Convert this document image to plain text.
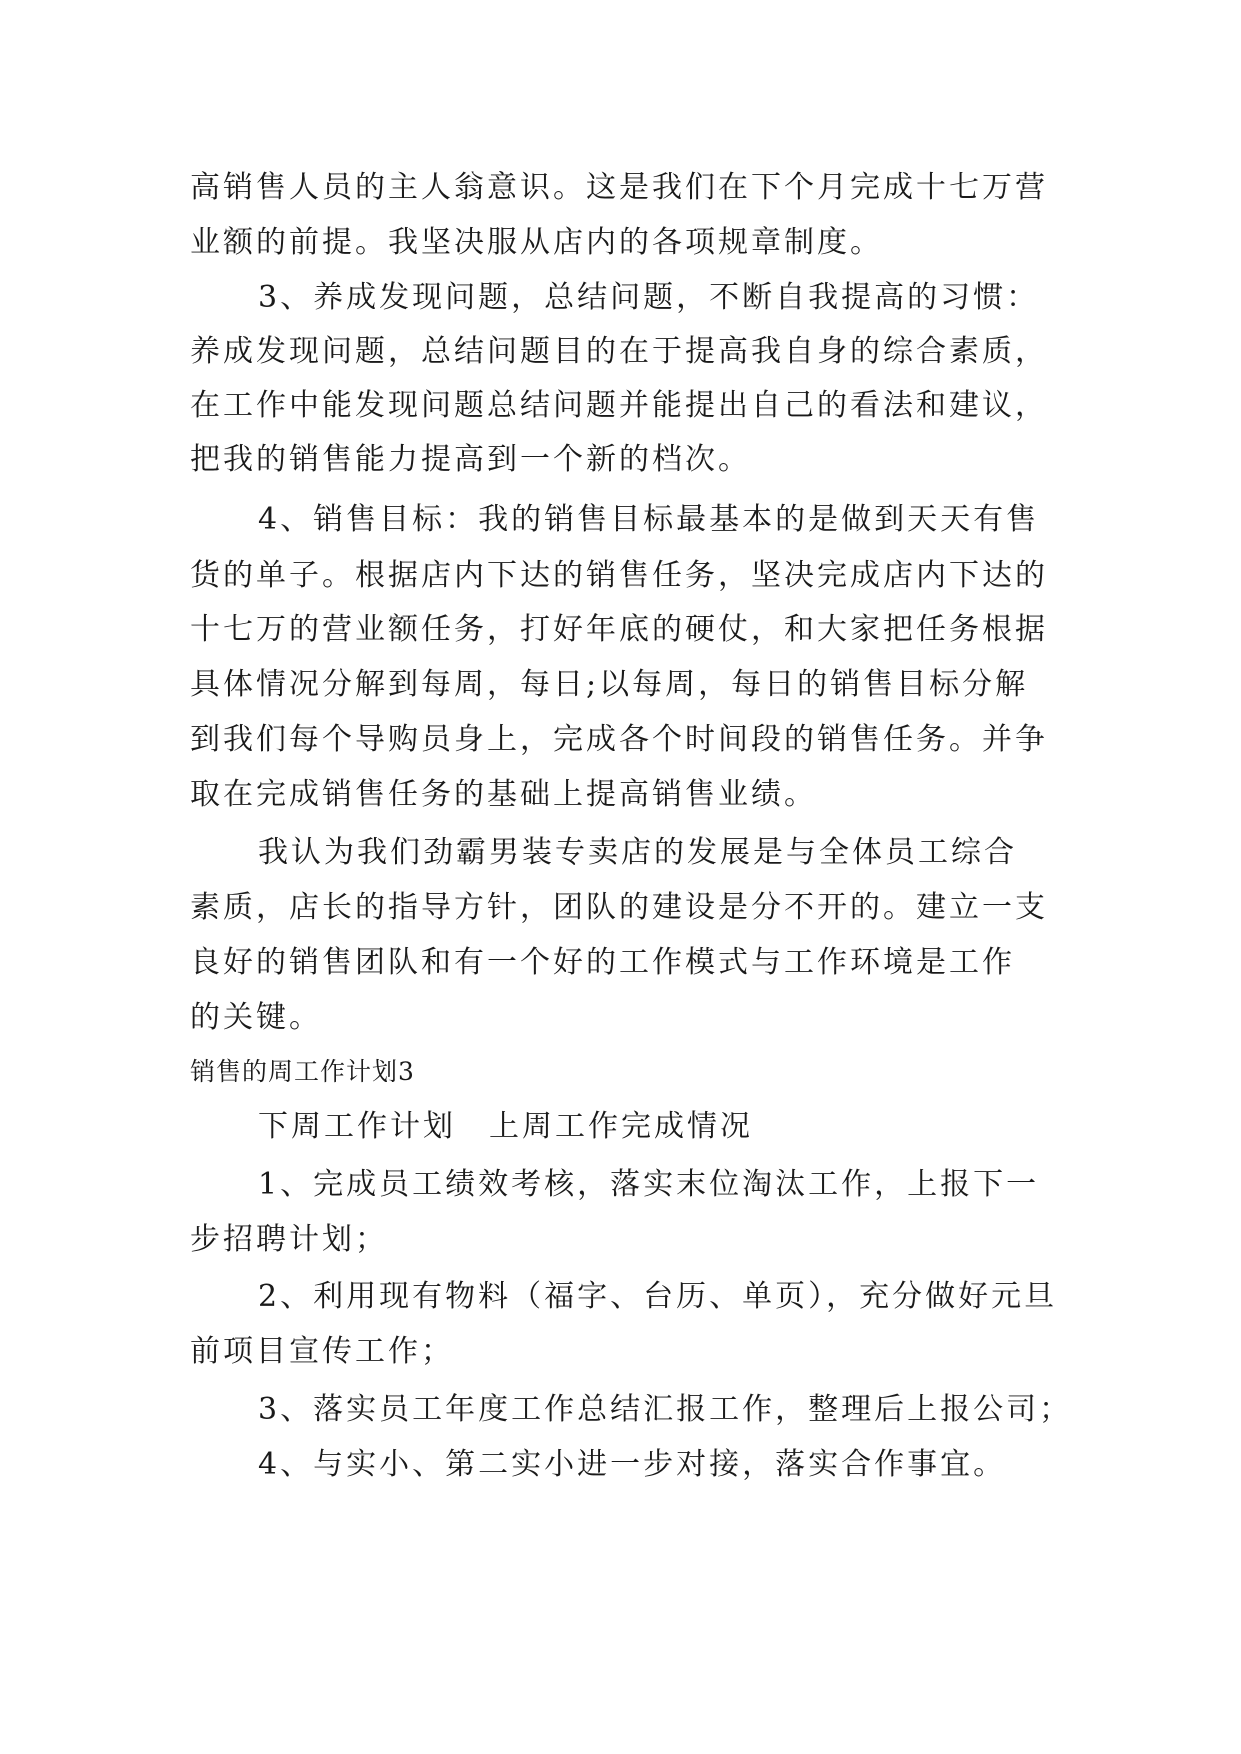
高销售人员的主人翁意识。这是我们在下个月完成十七万营
业额的前提。我坚决服从店内的各项规章制度。
3、养成发现问题，总结问题，不断自我提高的习惯：
养成发现问题，总结问题目的在于提高我自身的综合素质，
在工作中能发现问题总结问题并能提出自己的看法和建议，
把我的销售能力提高到一个新的档次。
4、销售目标：我的销售目标最基本的是做到天天有售
货的单子。根据店内下达的销售任务，坚决完成店内下达的
十七万的营业额任务，打好年底的硬仗，和大家把任务根据
具体情况分解到每周，每日;以每周，每日的销售目标分解
到我们每个导购员身上，完成各个时间段的销售任务。并争
取在完成销售任务的基础上提高销售业绩。
我认为我们劲霸男装专卖店的发展是与全体员工综合
素质，店长的指导方针，团队的建设是分不开的。建立一支
良好的销售团队和有一个好的工作模式与工作环境是工作
的关键。
销售的周工作计划3
下周工作计划　上周工作完成情况
1、完成员工绩效考核，落实末位淘汰工作，上报下一
步招聘计划；
2、利用现有物料（福字、台历、单页），充分做好元旦
前项目宣传工作；
3、落实员工年度工作总结汇报工作，整理后上报公司；
4、与实小、第二实小进一步对接，落实合作事宜。
